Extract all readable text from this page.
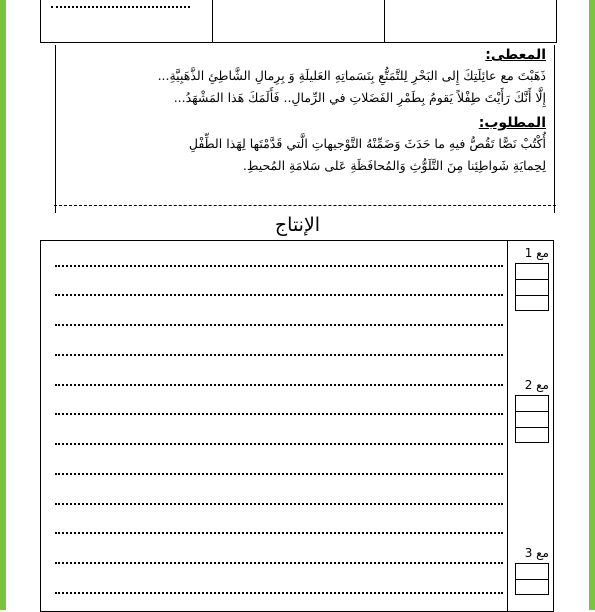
المعطى:

ذَهَبْتَ مع عائِلَتِكَ إِلى البَحْرِ لِلتَّمَتُّعِ بِنَسَماتِهِ العَليلَةِ وَ بِرِمالِ الشَّاطِئِ الذَّهَبِيَّةِ...

إِلَّا أَنَّكَ رَأَيْتَ طِفْلاً يَقومُ بِطَمْرِ الفَضَلاتِ في الرِّمالِ.. فَأَلَمَكَ هَذا المَشْهَدُ...

المطلوب:

أُكْتُبْ نَصًّا تَقُصُّ فيهِ ما حَدَثَ وَضَمِّنْهُ التَّوْجيهاتِ الَّتي قَدَّمْتَها لِهَذا الطِّفْلِ

لِحِمايَةِ شَواطِئِنا مِنَ التَّلَوُّثِ وَالمُحافَظَةِ عَلى سَلامَةِ المُحيطِ.

الإنتاج
مع 1
مع 2
مع 3
